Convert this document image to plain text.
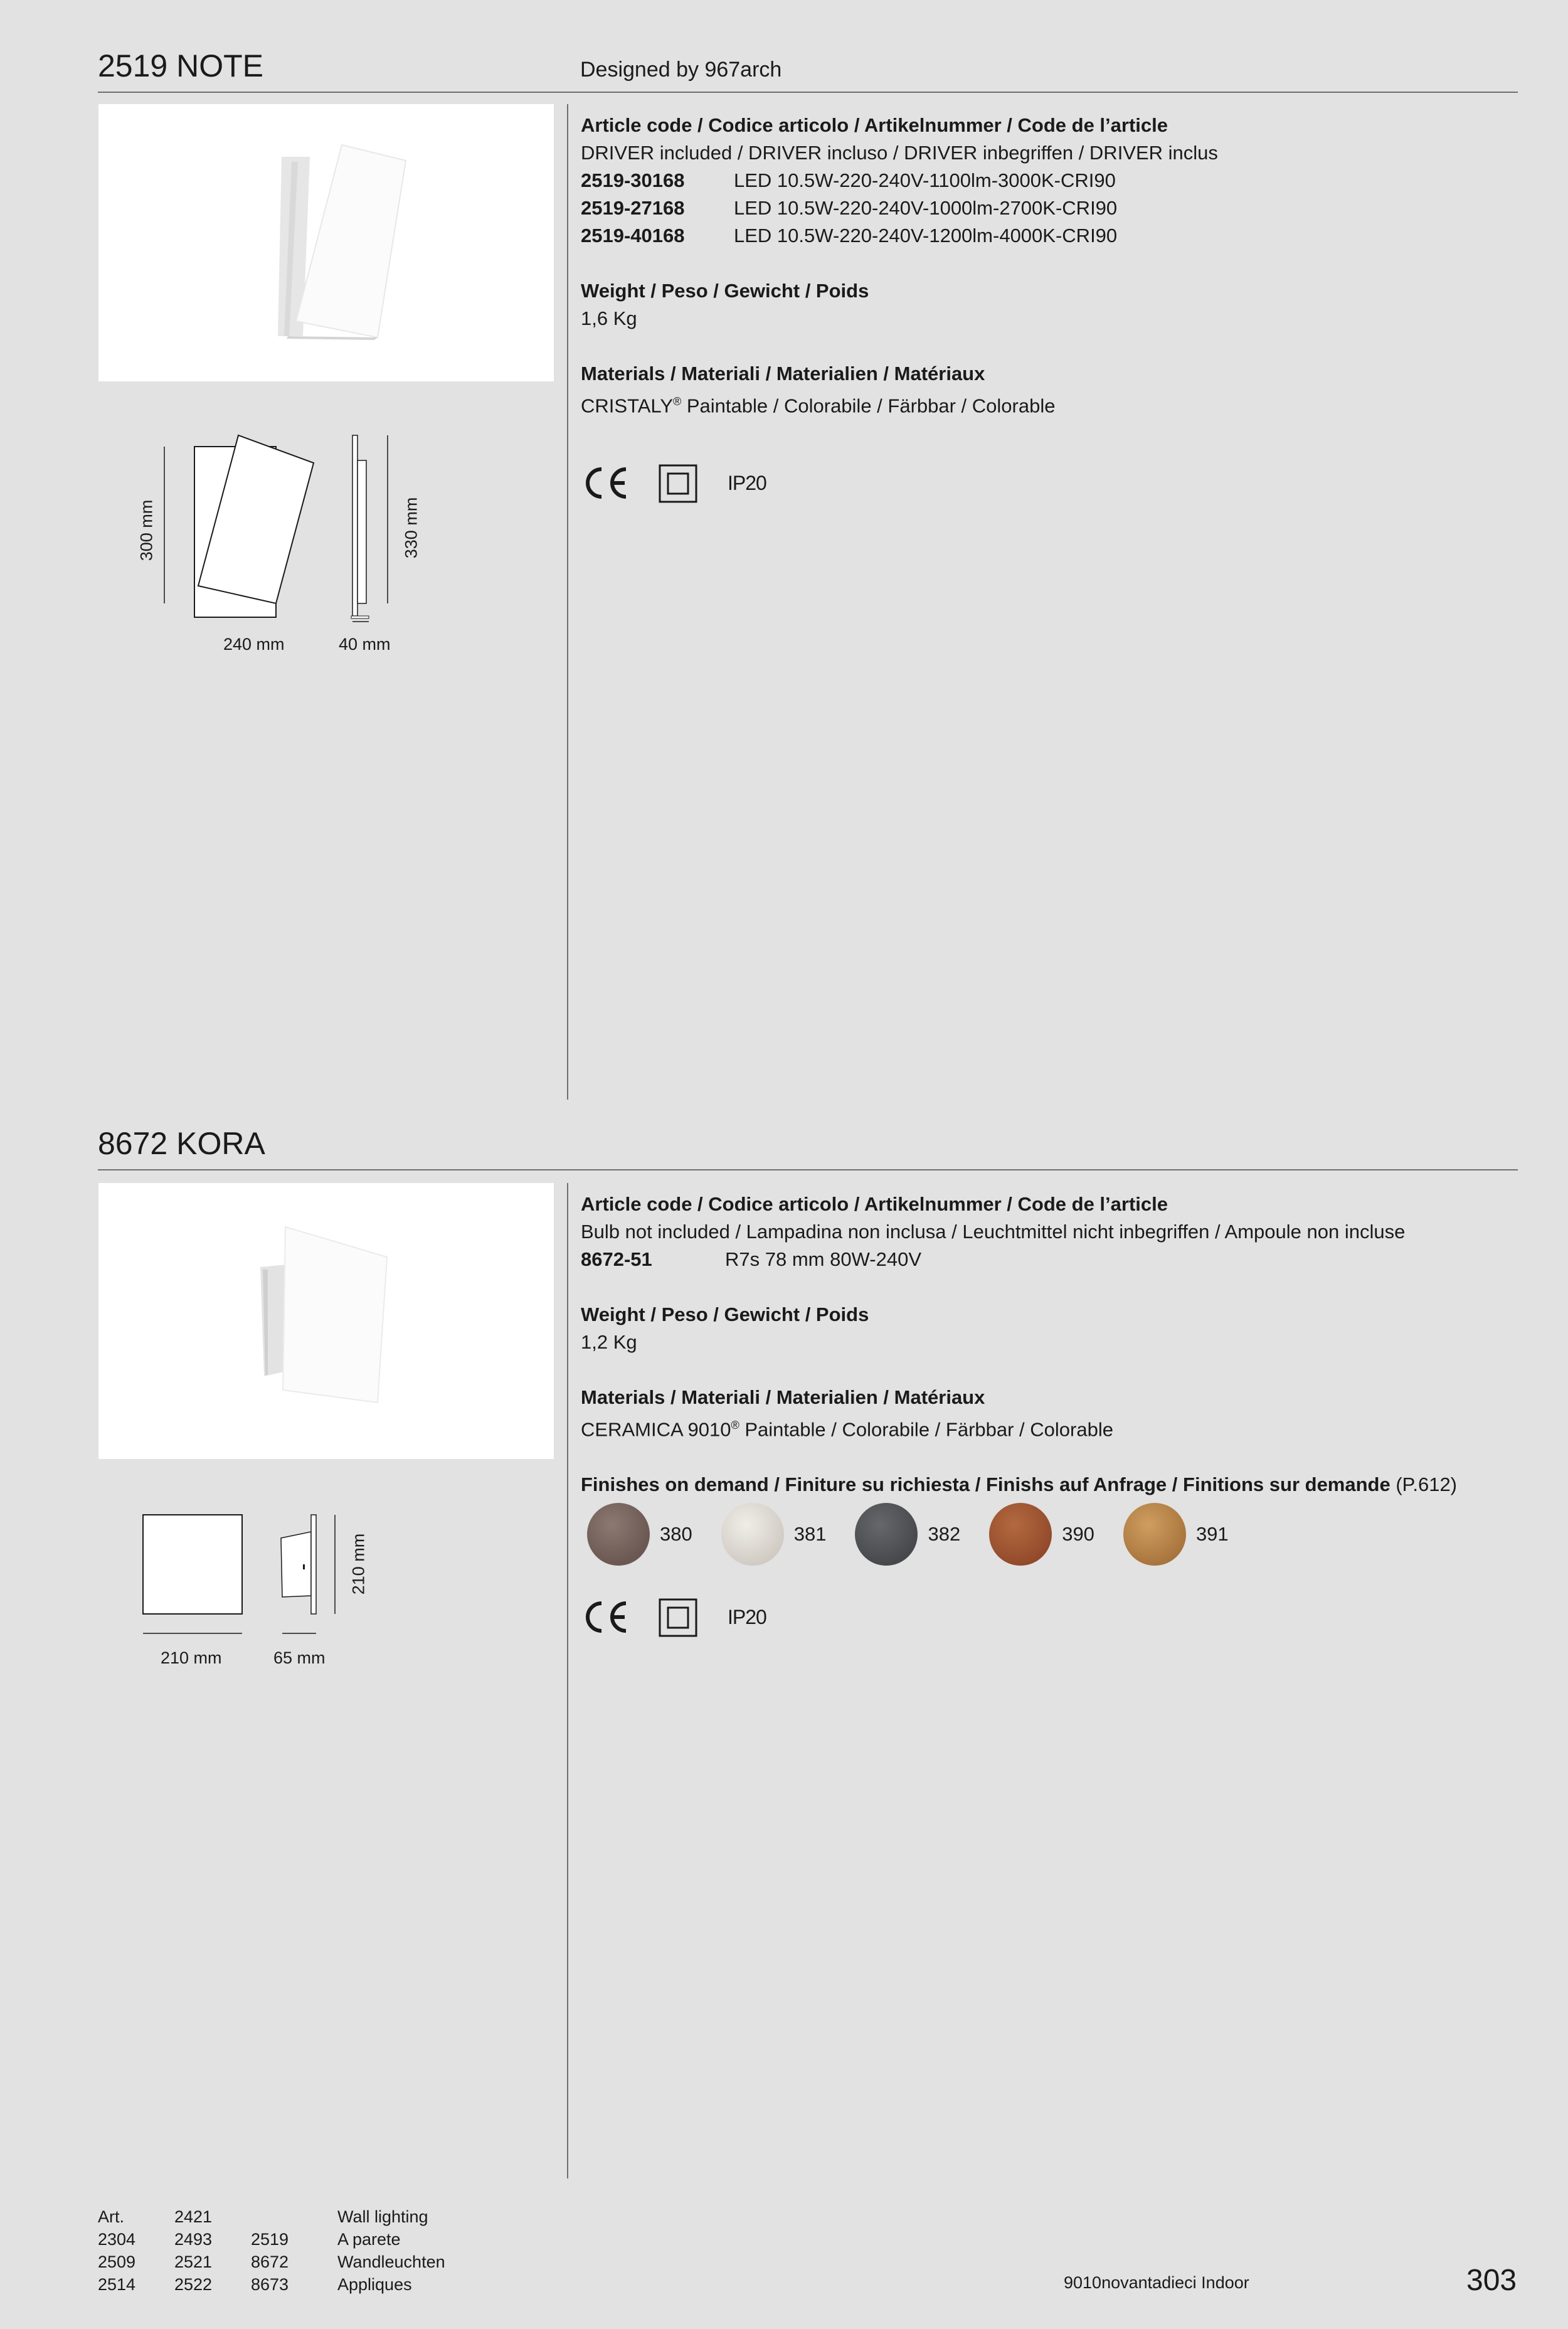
2519 NOTE	Designed by 967arch
Article code / Codice articolo / Artikelnummer / Code de l’article
DRIVER included / DRIVER incluso / DRIVER inbegriffen / DRIVER inclus
2519-30168	LED 10.5W-220-240V-1100lm-3000K-CRI90
2519-27168	LED 10.5W-220-240V-1000lm-2700K-CRI90
2519-40168	LED 10.5W-220-240V-1200lm-4000K-CRI90
Weight / Peso / Gewicht / Poids
1,6 Kg
Materials / Materiali / Materialien / Matériaux
CRISTALY® Paintable / Colorabile / Färbbar / Colorable
IP20
300 mm
240 mm
330 mm
40 mm
8672 KORA
Article code / Codice articolo / Artikelnummer / Code de l’article
Bulb not included / Lampadina non inclusa / Leuchtmittel nicht inbegriffen / Ampoule non incluse
8672-51	R7s 78 mm 80W-240V
Weight / Peso / Gewicht / Poids
1,2 Kg
Materials / Materiali / Materialien / Matériaux
CERAMICA 9010® Paintable / Colorabile / Färbbar / Colorable
Finishes on demand / Finiture su richiesta / Finishs auf Anfrage / Finitions sur demande (P.612)
380	381	382	390	391
IP20
210 mm
210 mm
65 mm
Art.	2421		Wall lighting
2304	2493	2519	A parete
2509	2521	8672	Wandleuchten
2514	2522	8673	Appliques	9010novantadieci Indoor	303
